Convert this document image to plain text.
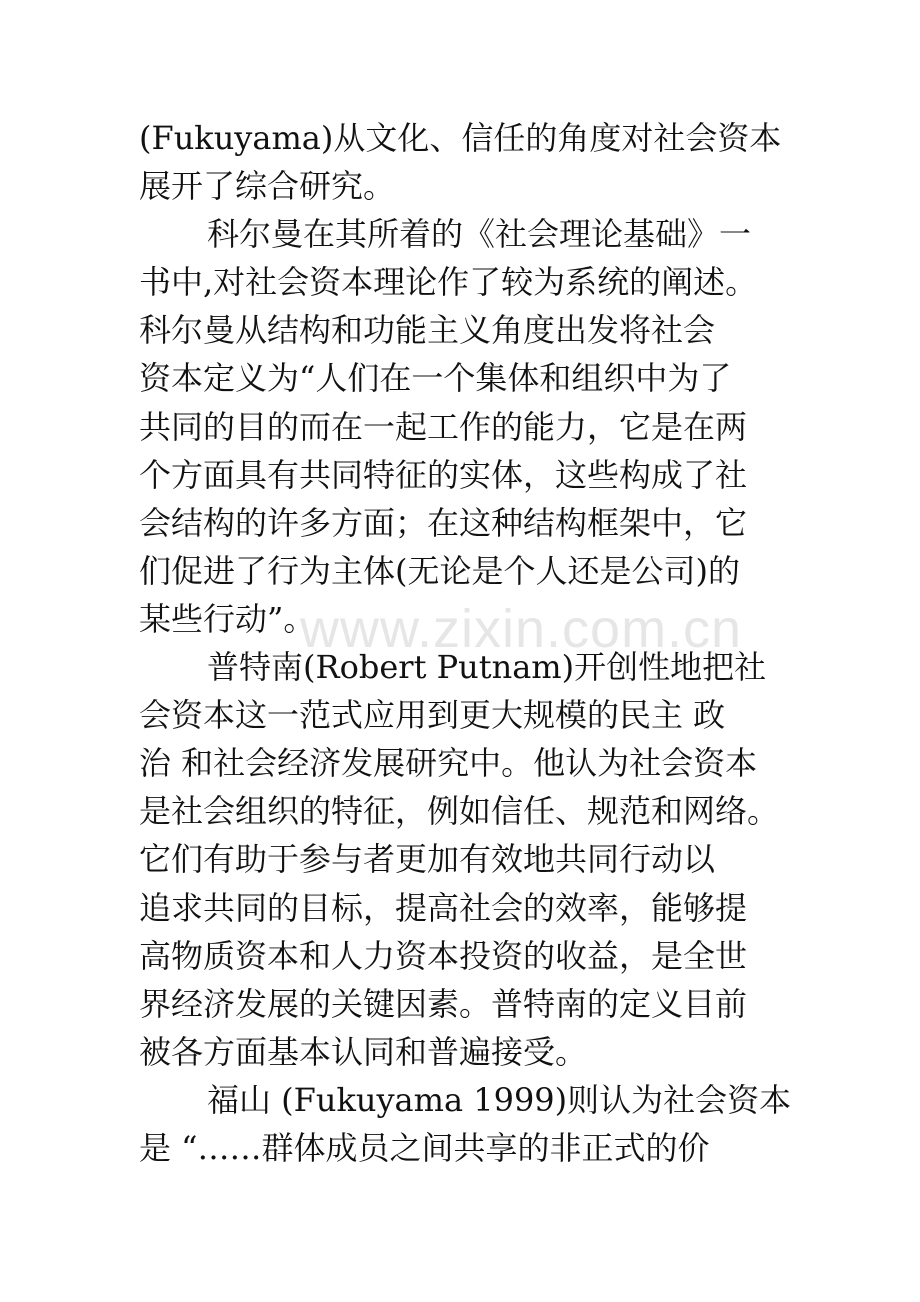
(Fukuyama)从文化、信任的角度对社会资本
展开了综合研究。
科尔曼在其所着的《社会理论基础》一
书中,对社会资本理论作了较为系统的阐述。
科尔曼从结构和功能主义角度出发将社会
资本定义为“人们在一个集体和组织中为了
共同的目的而在一起工作的能力，它是在两
个方面具有共同特征的实体，这些构成了社
会结构的许多方面；在这种结构框架中，它
们促进了行为主体(无论是个人还是公司)的
某些行动”。
普特南(Robert Putnam)开创性地把社
会资本这一范式应用到更大规模的民主 政
治 和社会经济发展研究中。他认为社会资本
是社会组织的特征，例如信任、规范和网络。
它们有助于参与者更加有效地共同行动以
追求共同的目标，提高社会的效率，能够提
高物质资本和人力资本投资的收益，是全世
界经济发展的关键因素。普特南的定义目前
被各方面基本认同和普遍接受。
福山 (Fukuyama 1999)则认为社会资本
是 “……群体成员之间共享的非正式的价
www.zixin.com.cn
